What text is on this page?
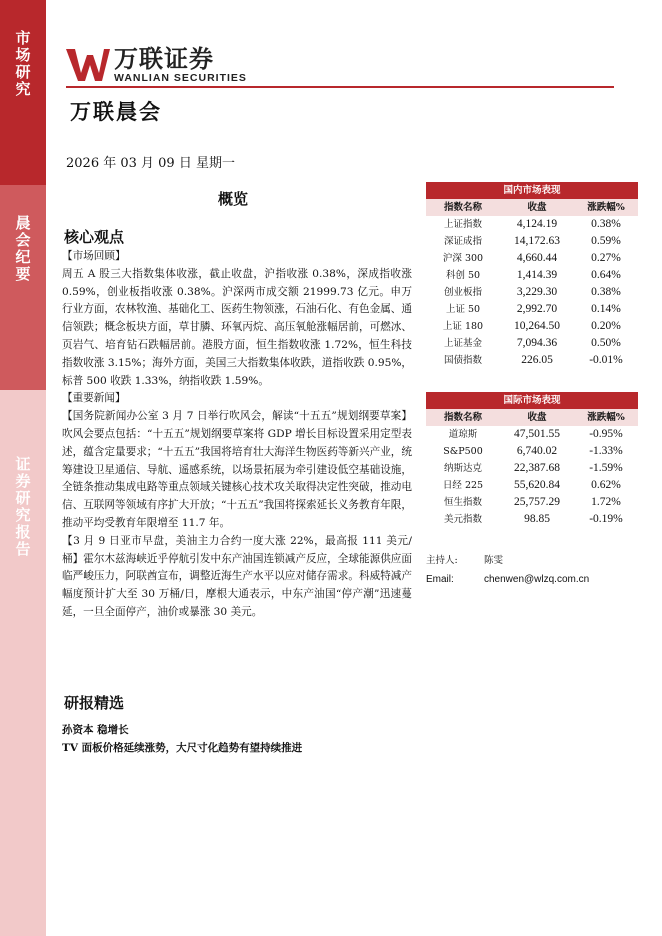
市场研究
晨会纪要
证券研究报告
万联证券
WANLIAN SECURITIES
万联晨会
2026 年 03 月 09 日 星期一
概览
核心观点

【市场回顾】

周五 A 股三大指数集体收涨，截止收盘，沪指收涨 0.38%，深成指收涨 0.59%，创业板指收涨 0.38%。沪深两市成交额 21999.73 亿元。申万行业方面，农林牧渔、基础化工、医药生物领涨，石油石化、有色金属、通信领跌；概念板块方面，草甘膦、环氧丙烷、高压氧舱涨幅居前，可燃冰、页岩气、培育钻石跌幅居前。港股方面，恒生指数收涨 1.72%，恒生科技指数收涨 3.15%；海外方面，美国三大指数集体收跌，道指收跌 0.95%，标普 500 收跌 1.33%，纳指收跌 1.59%。

【重要新闻】

【国务院新闻办公室 3 月 7 日举行吹风会，解读“十五五”规划纲要草案】吹风会要点包括：“十五五”规划纲要草案将 GDP 增长目标设置采用定型表述，蕴含定量要求；“十五五”我国将培育壮大海洋生物医药等新兴产业，统筹建设卫星通信、导航、遥感系统，以场景拓展为牵引建设低空基础设施，全链条推动集成电路等重点领域关键核心技术攻关取得决定性突破，推动电信、互联网等领域有序扩大开放；“十五五”我国将探索延长义务教育年限，推动平均受教育年限增至 11.7 年。

【3 月 9 日亚市早盘，美油主力合约一度大涨 22%，最高报 111 美元/桶】霍尔木兹海峡近乎停航引发中东产油国连锁减产反应，全球能源供应面临严峻压力，阿联酋宣布，调整近海生产水平以应对储存需求。科威特减产幅度预计扩大至 30 万桶/日，摩根大通表示，中东产油国“停产潮”迅速蔓延，一旦全面停产，油价或暴涨 30 美元。

国内市场表现
指数名称	收盘	涨跌幅%
上证指数	4,124.19	0.38%
深证成指	14,172.63	0.59%
沪深 300	4,660.44	0.27%
科创 50	1,414.39	0.64%
创业板指	3,229.30	0.38%
上证 50	2,992.70	0.14%
上证 180	10,264.50	0.20%
上证基金	7,094.36	0.50%
国债指数	226.05	-0.01%
国际市场表现
指数名称	收盘	涨跌幅%
道琼斯	47,501.55	-0.95%
S&P500	6,740.02	-1.33%
纳斯达克	22,387.68	-1.59%
日经 225	55,620.84	0.62%
恒生指数	25,757.29	1.72%
美元指数	98.85	-0.19%
主持人:	陈雯
Email:	chenwen@wlzq.com.cn
研报精选
孙资本 稳增长
TV 面板价格延续涨势，大尺寸化趋势有望持续推进
